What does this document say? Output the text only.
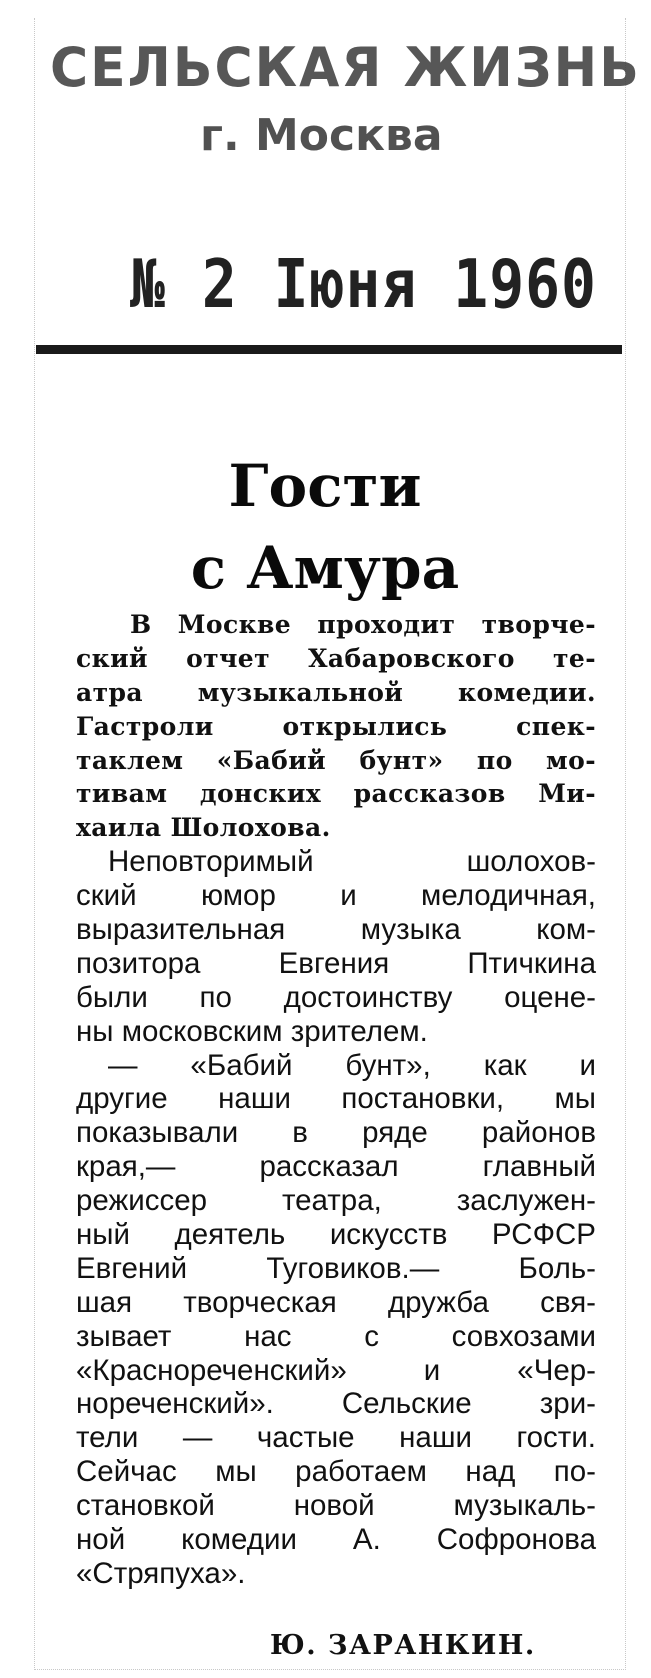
СЕЛЬСКАЯ ЖИЗНЬ
г. Москва
№ 2 Іюня 1960
Гости
с Амура
В Москве проходит творче-
ский отчет Хабаровского те-
атра музыкальной комедии.
Гастроли открылись спек-
таклем «Бабий бунт» по мо-
тивам донских рассказов Ми-
хаила Шолохова.
Неповторимый шолохов-
ский юмор и мелодичная,
выразительная музыка ком-
позитора Евгения Птичкина
были по достоинству оцене-
ны московским зрителем.
— «Бабий бунт», как и
другие наши постановки, мы
показывали в ряде районов
края,— рассказал главный
режиссер театра, заслужен-
ный деятель искусств РСФСР
Евгений Туговиков.— Боль-
шая творческая дружба свя-
зывает нас с совхозами
«Краснореченский» и «Чер-
нореченский». Сельские зри-
тели — частые наши гости.
Сейчас мы работаем над по-
становкой новой музыкаль-
ной комедии А. Софронова
«Стряпуха».
Ю. ЗАРАНКИН.
